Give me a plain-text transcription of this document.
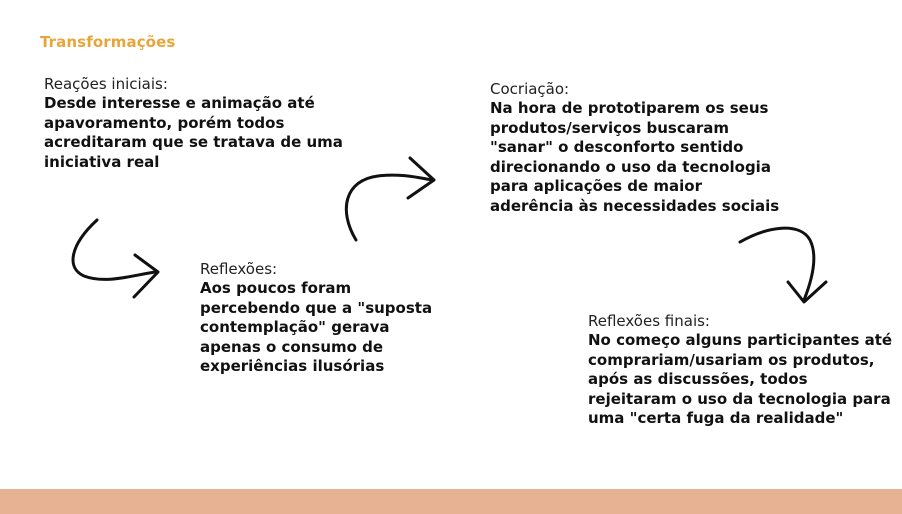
Transformações
Reações iniciais:

Desde interesse e animação até apavoramento, porém todos acreditaram que se tratava de uma iniciativa real

Reflexões:

Aos poucos foram percebendo que a "suposta contemplação" gerava apenas o consumo de experiências ilusórias

Cocriação:

Na hora de prototiparem os seus produtos/serviços buscaram "sanar" o desconforto sentido direcionando o uso da tecnologia para aplicações de maior aderência às necessidades sociais

Reflexões finais:

No começo alguns participantes até comprariam/usariam os produtos, após as discussões, todos rejeitaram o uso da tecnologia para uma "certa fuga da realidade"
